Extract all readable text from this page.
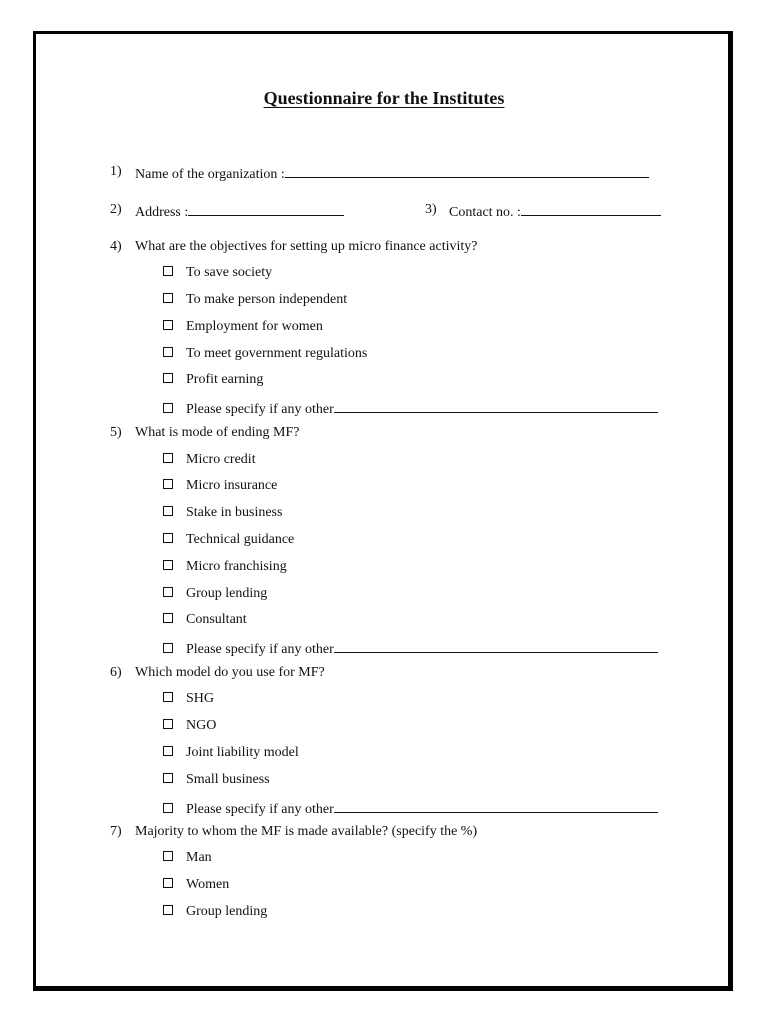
Questionnaire for the Institutes
1) Name of the organization :
2) Address :	3) Contact no. :
4) What are the objectives for setting up micro finance activity?
To save society
To make person independent
Employment for women
To meet government regulations
Profit earning
Please specify if any other
5) What is mode of ending MF?
Micro credit
Micro insurance
Stake in business
Technical guidance
Micro franchising
Group lending
Consultant
Please specify if any other
6) Which model do you use for MF?
SHG
NGO
Joint liability model
Small business
Please specify if any other
7) Majority to whom the MF is made available? (specify the %)
Man
Women
Group lending
